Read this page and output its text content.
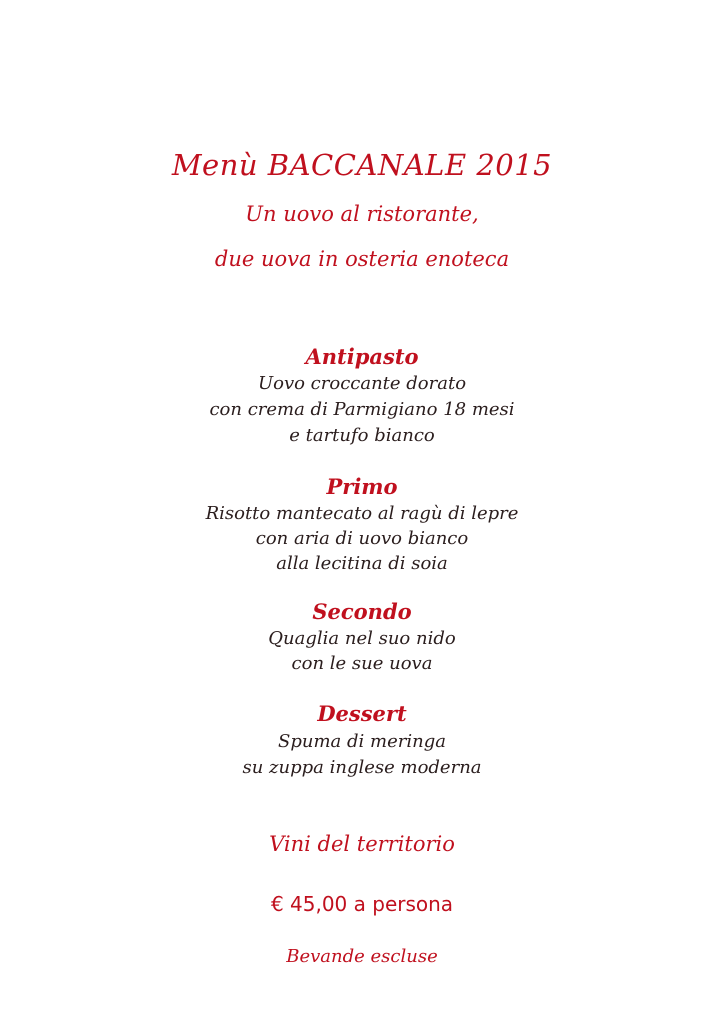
Menù BACCANALE 2015
Un uovo al ristorante,
due uova in osteria enoteca
Antipasto
Uovo croccante dorato
con crema di Parmigiano 18 mesi
e tartufo bianco
Primo
Risotto mantecato al ragù di lepre
con aria di uovo bianco
alla lecitina di soia
Secondo
Quaglia nel suo nido
con le sue uova
Dessert
Spuma di meringa
su zuppa inglese moderna
Vini del territorio
€ 45,00 a persona
Bevande escluse
